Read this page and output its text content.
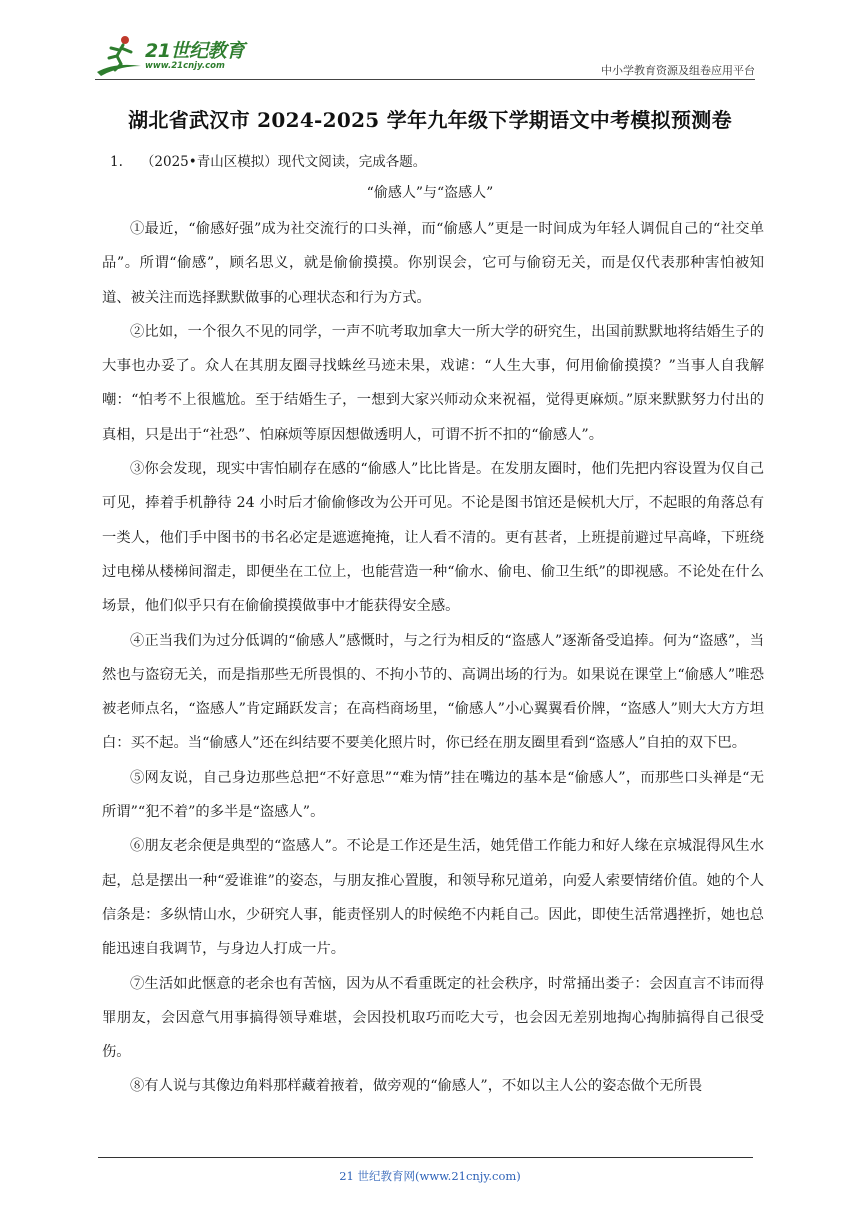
21世纪教育
www.21cnjy.com	中小学教育资源及组卷应用平台
湖北省武汉市 2024-2025 学年九年级下学期语文中考模拟预测卷
1. （2025•青山区模拟）现代文阅读，完成各题。
“偷感人”与“盗感人”

①最近，“偷感好强”成为社交流行的口头禅，而“偷感人”更是一时间成为年轻人调侃自己的“社交单品”。所谓“偷感”，顾名思义，就是偷偷摸摸。你别误会，它可与偷窃无关，而是仅代表那种害怕被知道、被关注而选择默默做事的心理状态和行为方式。

②比如，一个很久不见的同学，一声不吭考取加拿大一所大学的研究生，出国前默默地将结婚生子的大事也办妥了。众人在其朋友圈寻找蛛丝马迹未果，戏谑：“人生大事，何用偷偷摸摸？”当事人自我解嘲：“怕考不上很尴尬。至于结婚生子，一想到大家兴师动众来祝福，觉得更麻烦。”原来默默努力付出的真相，只是出于“社恐”、怕麻烦等原因想做透明人，可谓不折不扣的“偷感人”。

③你会发现，现实中害怕刷存在感的“偷感人”比比皆是。在发朋友圈时，他们先把内容设置为仅自己可见，捧着手机静待 24 小时后才偷偷修改为公开可见。不论是图书馆还是候机大厅，不起眼的角落总有一类人，他们手中图书的书名必定是遮遮掩掩，让人看不清的。更有甚者，上班提前避过早高峰，下班绕过电梯从楼梯间溜走，即便坐在工位上，也能营造一种“偷水、偷电、偷卫生纸”的即视感。不论处在什么场景，他们似乎只有在偷偷摸摸做事中才能获得安全感。

④正当我们为过分低调的“偷感人”感慨时，与之行为相反的“盗感人”逐渐备受追捧。何为“盗感”，当然也与盗窃无关，而是指那些无所畏惧的、不拘小节的、高调出场的行为。如果说在课堂上“偷感人”唯恐被老师点名，“盗感人”肯定踊跃发言；在高档商场里，“偷感人”小心翼翼看价牌，“盗感人”则大大方方坦白：买不起。当“偷感人”还在纠结要不要美化照片时，你已经在朋友圈里看到“盗感人”自拍的双下巴。

⑤网友说，自己身边那些总把“不好意思”“难为情”挂在嘴边的基本是“偷感人”，而那些口头禅是“无所谓”“犯不着”的多半是“盗感人”。

⑥朋友老余便是典型的“盗感人”。不论是工作还是生活，她凭借工作能力和好人缘在京城混得风生水起，总是摆出一种“爱谁谁”的姿态，与朋友推心置腹，和领导称兄道弟，向爱人索要情绪价值。她的个人信条是：多纵情山水，少研究人事，能责怪别人的时候绝不内耗自己。因此，即使生活常遇挫折，她也总能迅速自我调节，与身边人打成一片。

⑦生活如此惬意的老余也有苦恼，因为从不看重既定的社会秩序，时常捅出娄子：会因直言不讳而得罪朋友，会因意气用事搞得领导难堪，会因投机取巧而吃大亏，也会因无差别地掏心掏肺搞得自己很受伤。

⑧有人说与其像边角料那样藏着掖着，做旁观的“偷感人”，不如以主人公的姿态做个无所畏

21 世纪教育网(www.21cnjy.com)
